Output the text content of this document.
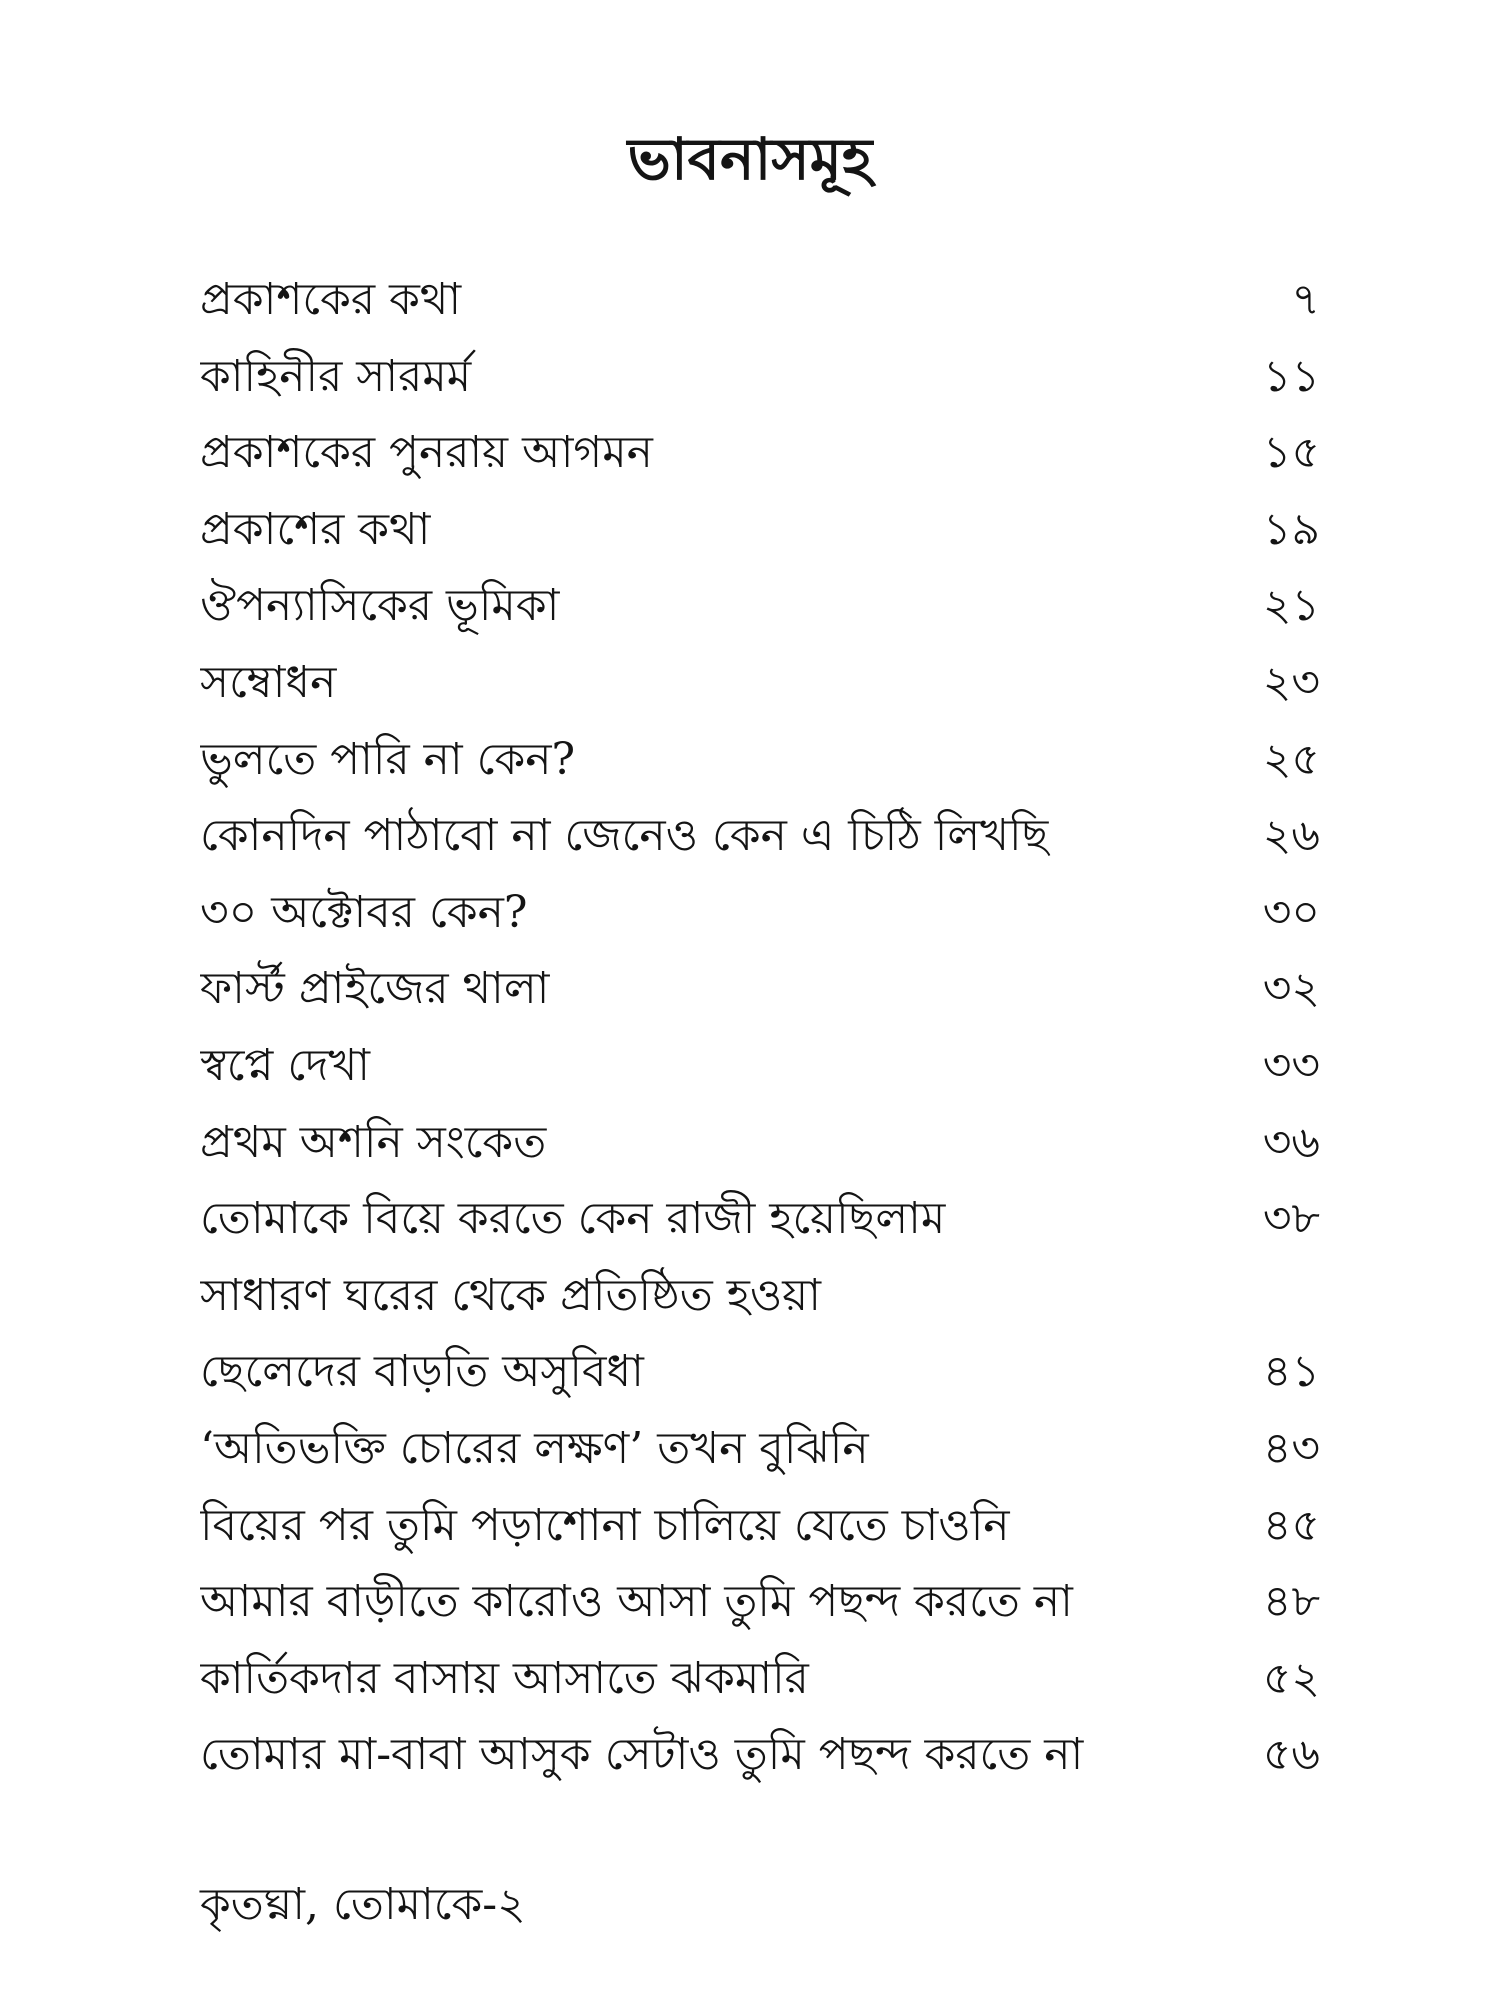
ভাবনাসমূহ
প্রকাশকের কথা	৭
কাহিনীর সারমর্ম	১১
প্রকাশকের পুনরায় আগমন	১৫
প্রকাশের কথা	১৯
ঔপন্যাসিকের ভূমিকা	২১
সম্বোধন	২৩
ভুলতে পারি না কেন?	২৫
কোনদিন পাঠাবো না জেনেও কেন এ চিঠি লিখছি	২৬
৩০ অক্টোবর কেন?	৩০
ফার্স্ট প্রাইজের থালা	৩২
স্বপ্নে দেখা	৩৩
প্রথম অশনি সংকেত	৩৬
তোমাকে বিয়ে করতে কেন রাজী হয়েছিলাম	৩৮
সাধারণ ঘরের থেকে প্রতিষ্ঠিত হওয়া
ছেলেদের বাড়তি অসুবিধা	৪১
‘অতিভক্তি চোরের লক্ষণ’ তখন বুঝিনি	৪৩
বিয়ের পর তুমি পড়াশোনা চালিয়ে যেতে চাওনি	৪৫
আমার বাড়ীতে কারোও আসা তুমি পছন্দ করতে না	৪৮
কার্তিকদার বাসায় আসাতে ঝকমারি	৫২
তোমার মা-বাবা আসুক সেটাও তুমি পছন্দ করতে না	৫৬
কৃতঘ্না, তোমাকে-২
